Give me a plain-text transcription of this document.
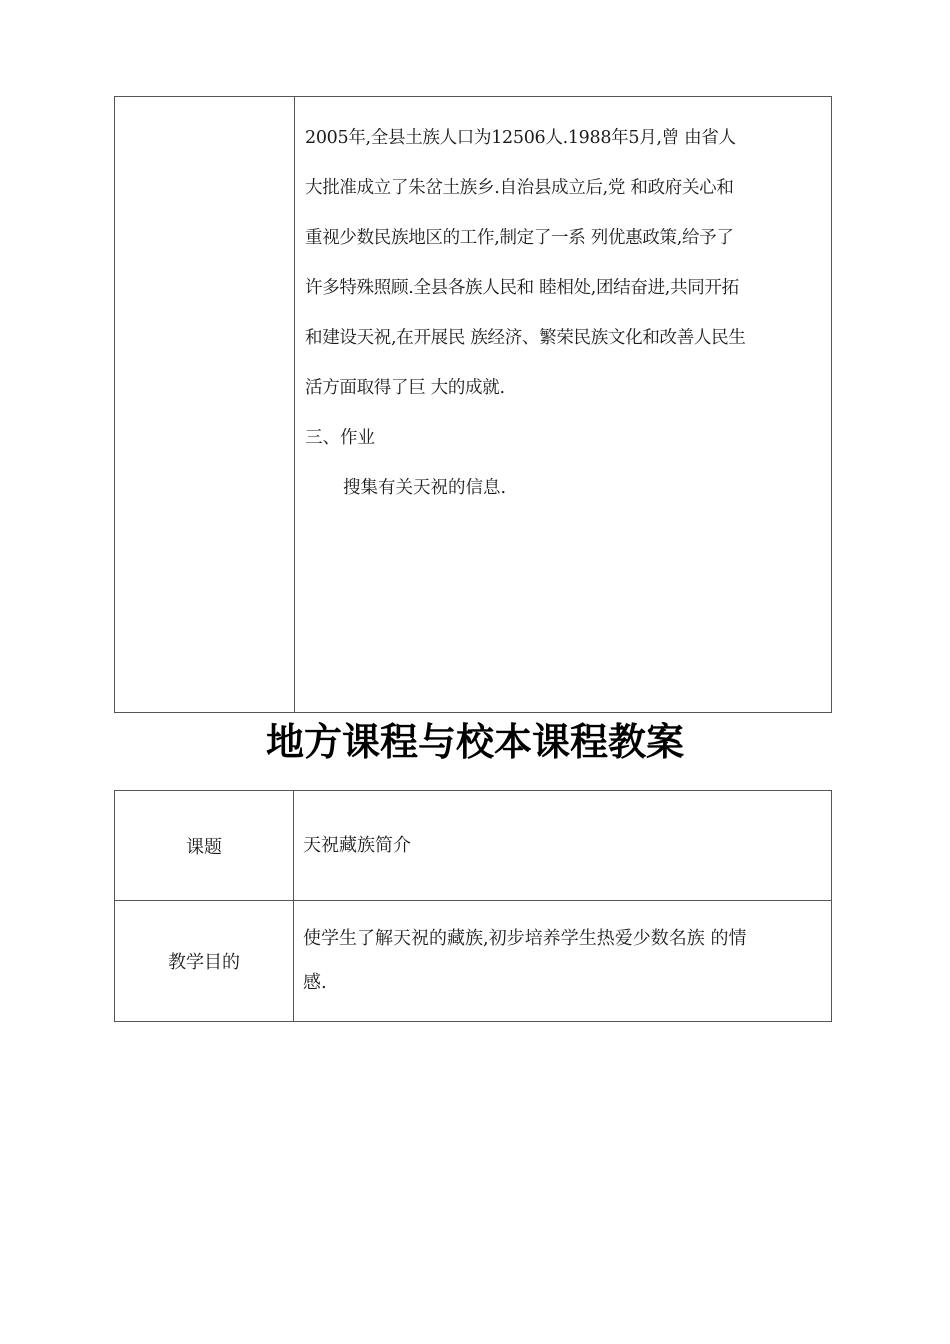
2005年,全县土族人口为12506人.1988年5月,曾 由省人
大批准成立了朱岔土族乡.自治县成立后,党 和政府关心和
重视少数民族地区的工作,制定了一系 列优惠政策,给予了
许多特殊照顾.全县各族人民和 睦相处,团结奋进,共同开拓
和建设天祝,在开展民 族经济、繁荣民族文化和改善人民生
活方面取得了巨 大的成就.
三、作业
搜集有关天祝的信息.
地方课程与校本课程教案
课题	天祝藏族简介
教学目的
使学生了解天祝的藏族,初步培养学生热爱少数名族 的情
感.
